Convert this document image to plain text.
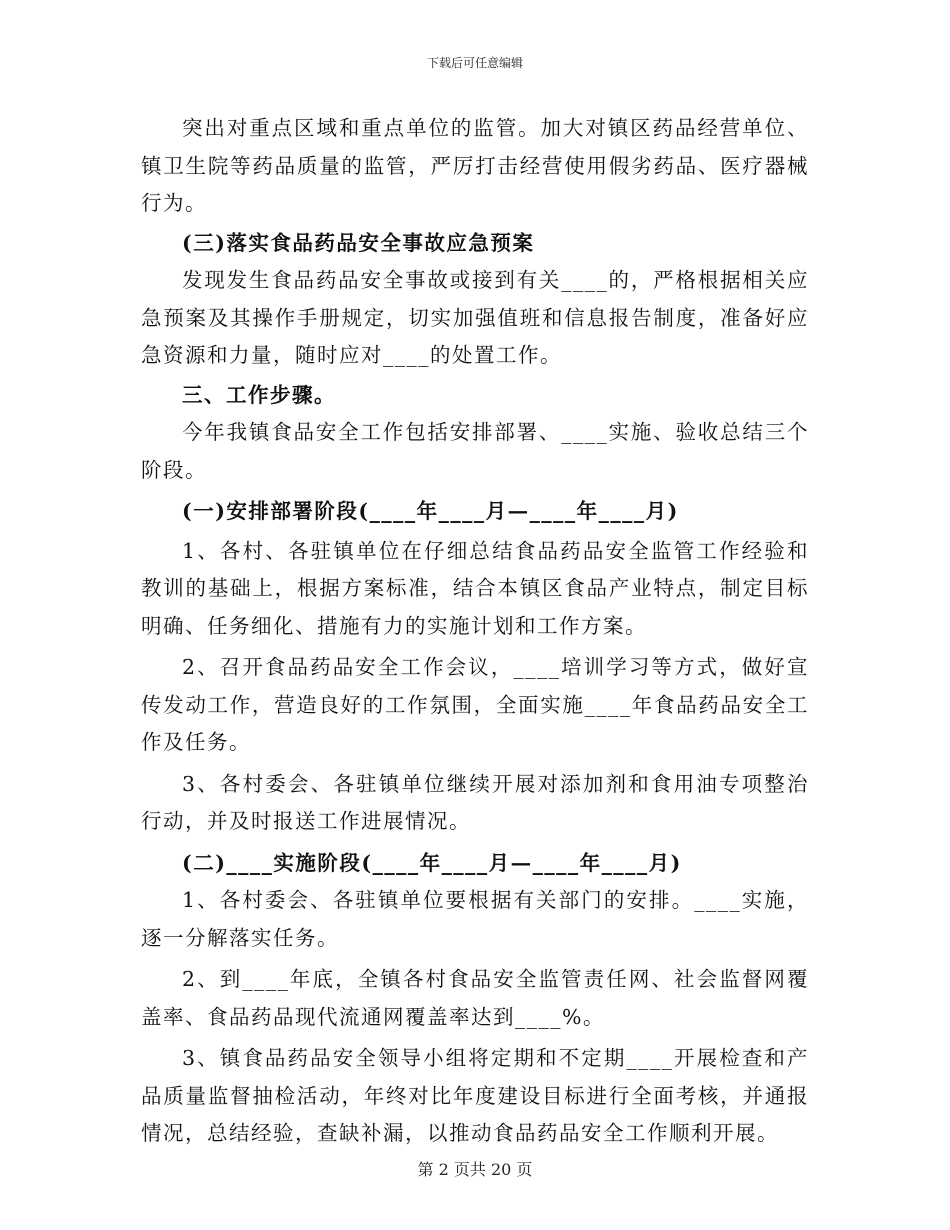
下载后可任意编辑

突出对重点区域和重点单位的监管。加大对镇区药品经营单位、镇卫生院等药品质量的监管，严厉打击经营使用假劣药品、医疗器械行为。

(三)落实食品药品安全事故应急预案

发现发生食品药品安全事故或接到有关____的，严格根据相关应急预案及其操作手册规定，切实加强值班和信息报告制度，准备好应急资源和力量，随时应对____的处置工作。

三、工作步骤。

今年我镇食品安全工作包括安排部署、____实施、验收总结三个阶段。

(一)安排部署阶段(____年____月—____年____月)

1、各村、各驻镇单位在仔细总结食品药品安全监管工作经验和教训的基础上，根据方案标准，结合本镇区食品产业特点，制定目标明确、任务细化、措施有力的实施计划和工作方案。

2、召开食品药品安全工作会议，____培训学习等方式，做好宣传发动工作，营造良好的工作氛围，全面实施____年食品药品安全工作及任务。

3、各村委会、各驻镇单位继续开展对添加剂和食用油专项整治行动，并及时报送工作进展情况。

(二)____实施阶段(____年____月—____年____月)

1、各村委会、各驻镇单位要根据有关部门的安排。____实施，逐一分解落实任务。

2、到____年底，全镇各村食品安全监管责任网、社会监督网覆盖率、食品药品现代流通网覆盖率达到____%。

3、镇食品药品安全领导小组将定期和不定期____开展检查和产品质量监督抽检活动，年终对比年度建设目标进行全面考核，并通报情况，总结经验，查缺补漏，以推动食品药品安全工作顺利开展。

第 2 页共 20 页
